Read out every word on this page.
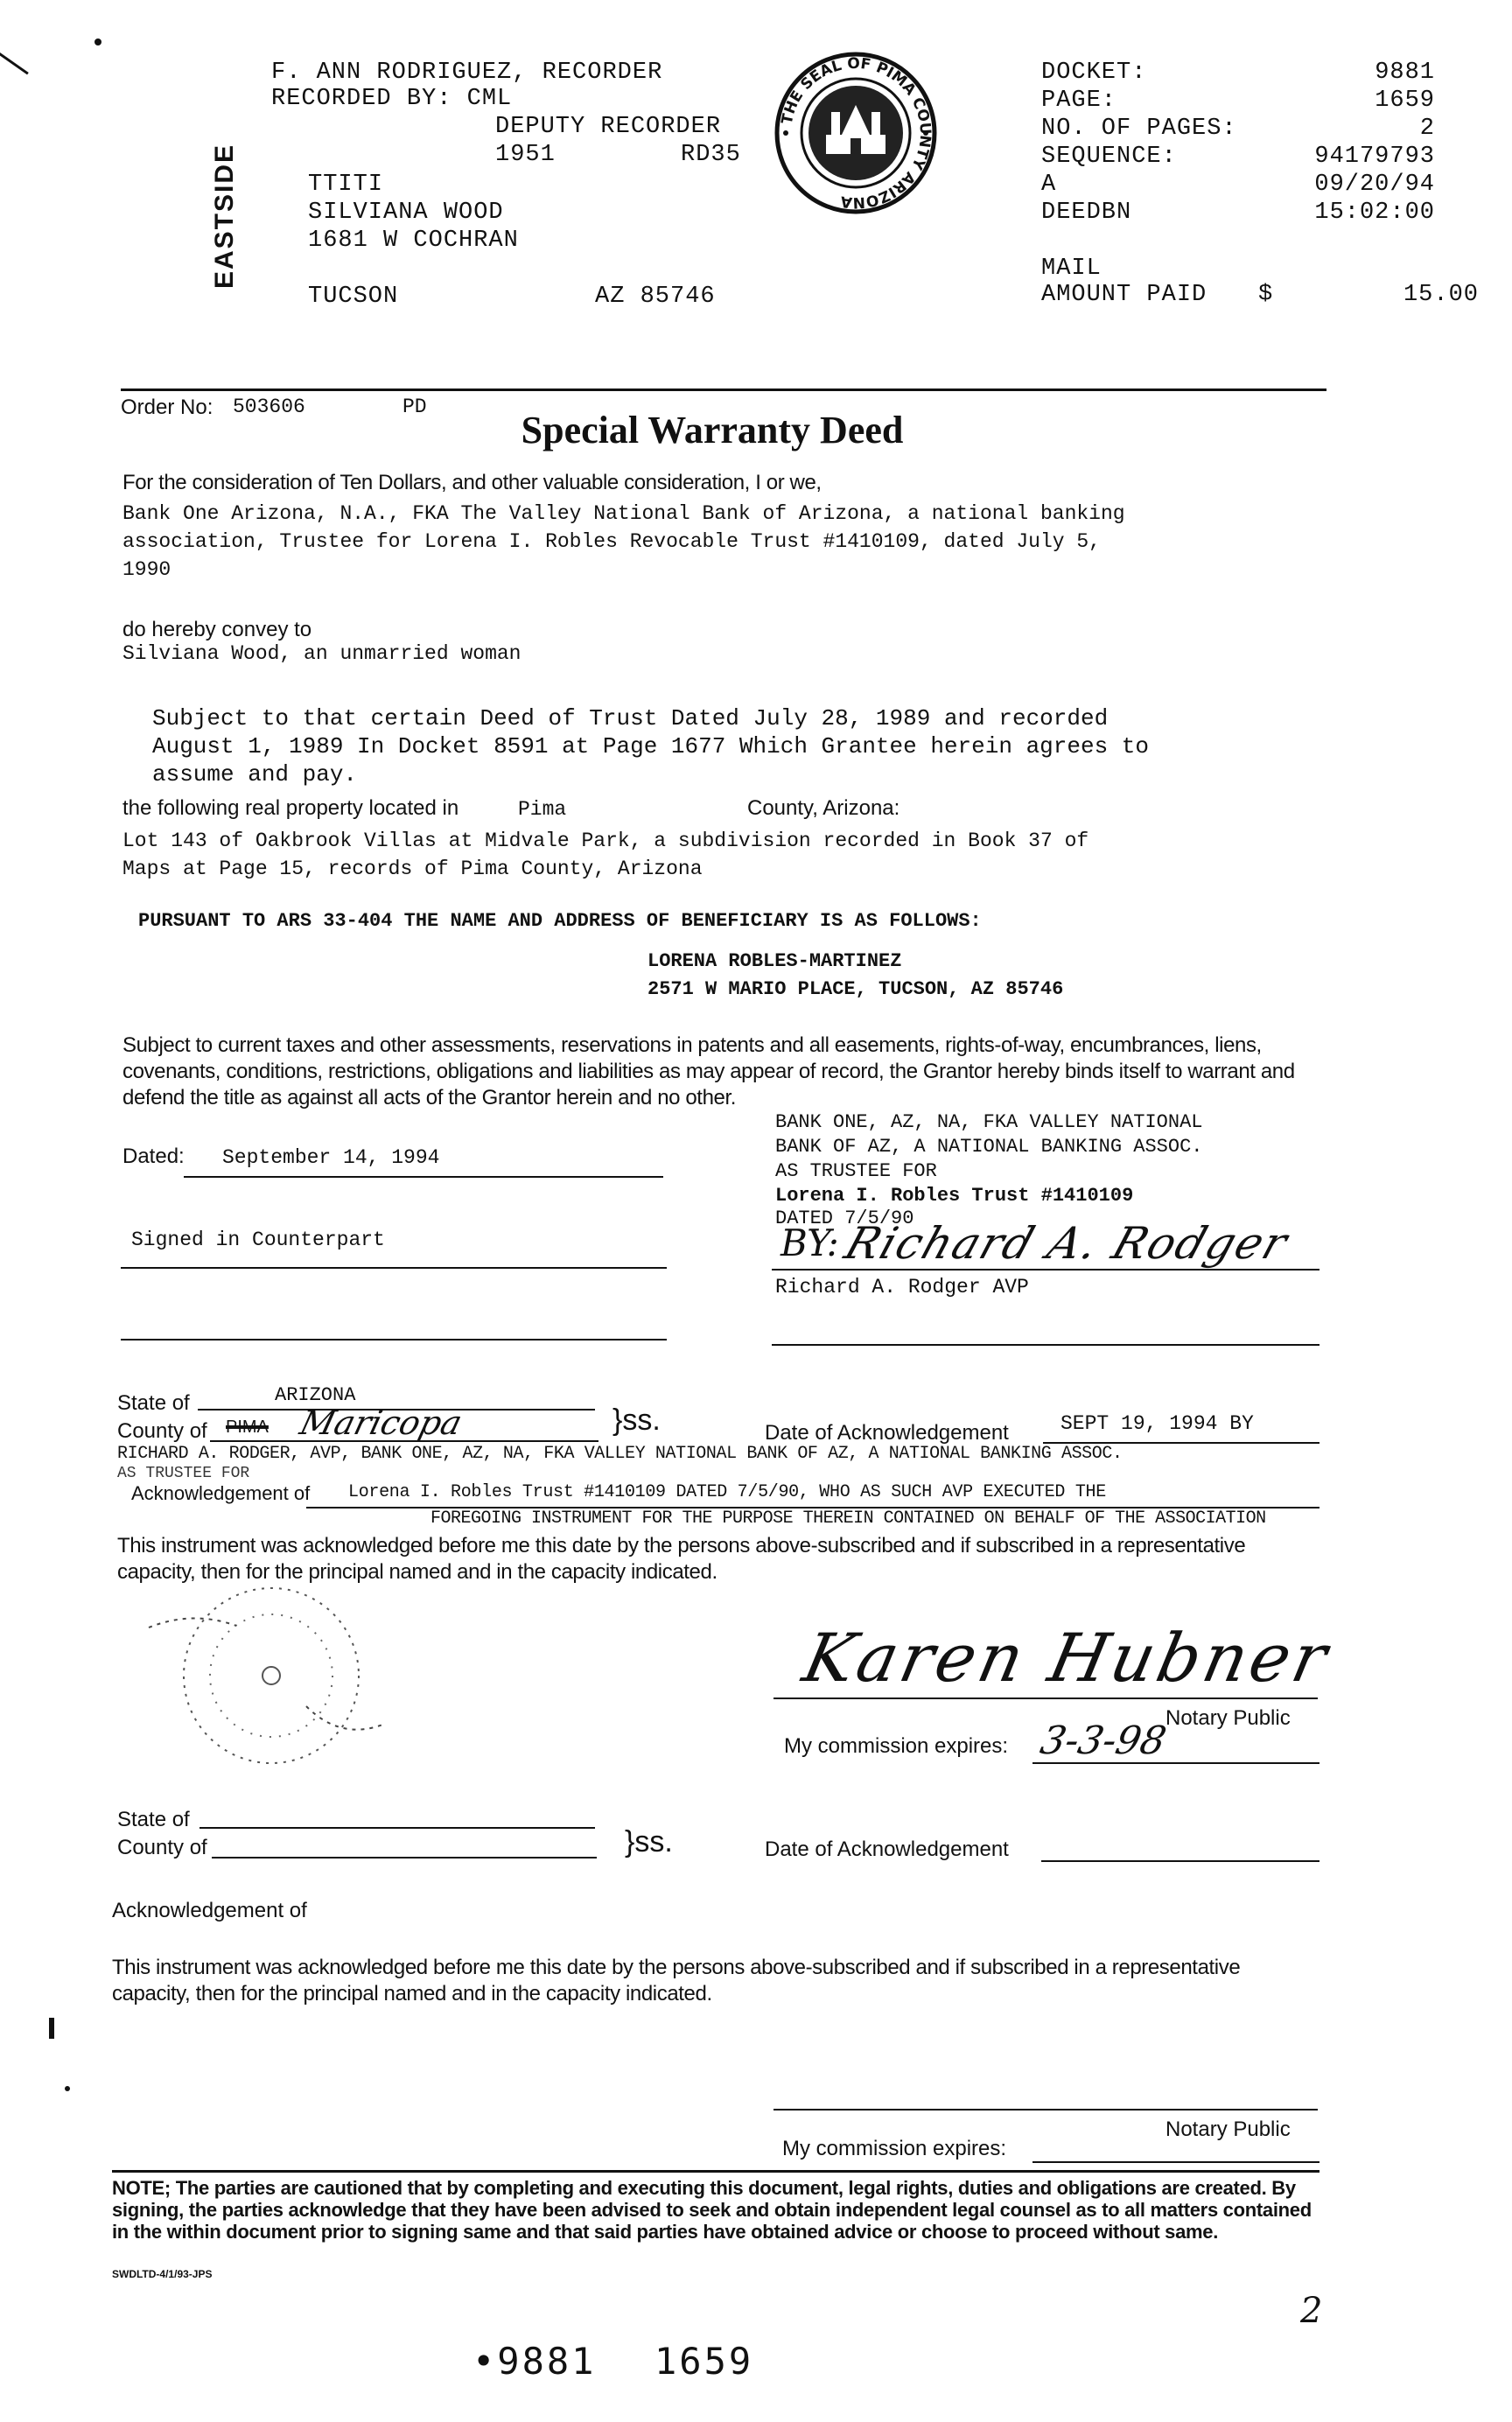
F. ANN RODRIGUEZ, RECORDER
RECORDED BY: CML
DEPUTY RECORDER
1951	RD35
EASTSIDE	TTITI
SILVIANA WOOD
1681 W COCHRAN
TUCSON	AZ 85746
THE SEAL OF PIMA COUNTY ARIZONA
DOCKET:	9881
PAGE:	1659
NO. OF PAGES:	2
SEQUENCE:	94179793
A	09/20/94
DEEDBN	15:02:00
MAIL
AMOUNT PAID $	15.00
Order No: 503606	PD
Special Warranty Deed
For the consideration of Ten Dollars, and other valuable consideration, I or we,
Bank One Arizona, N.A., FKA The Valley National Bank of Arizona, a national banking
association, Trustee for Lorena I. Robles Revocable Trust #1410109, dated July 5,
1990
do hereby convey to
Silviana Wood, an unmarried woman
Subject to that certain Deed of Trust Dated July 28, 1989 and recorded
August 1, 1989 In Docket 8591 at Page 1677 Which Grantee herein agrees to
assume and pay.
the following real property located in	Pima	County, Arizona:
Lot 143 of Oakbrook Villas at Midvale Park, a subdivision recorded in Book 37 of
Maps at Page 15, records of Pima County, Arizona
PURSUANT TO ARS 33-404 THE NAME AND ADDRESS OF BENEFICIARY IS AS FOLLOWS:
LORENA ROBLES-MARTINEZ
2571 W MARIO PLACE, TUCSON, AZ 85746
Subject to current taxes and other assessments, reservations in patents and all easements, rights-of-way, encumbrances, liens, covenants, conditions, restrictions, obligations and liabilities as may appear of record, the Grantor hereby binds itself to warrant and defend the title as against all acts of the Grantor herein and no other.
Dated: September 14, 1994
BANK ONE, AZ, NA, FKA VALLEY NATIONAL
BANK OF AZ, A NATIONAL BANKING ASSOC.
AS TRUSTEE FOR
Lorena I. Robles Trust #1410109
DATED 7/5/90
Signed in Counterpart	BY: Richard A. Rodger
Richard A. Rodger AVP
State of	ARIZONA
County of PIMA Maricopa	}ss.	Date of Acknowledgement	SEPT 19, 1994 BY
RICHARD A. RODGER, AVP, BANK ONE, AZ, NA, FKA VALLEY NATIONAL BANK OF AZ, A NATIONAL BANKING ASSOC.
AS TRUSTEE FOR
Acknowledgement of Lorena I. Robles Trust #1410109 DATED 7/5/90, WHO AS SUCH AVP EXECUTED THE
FOREGOING INSTRUMENT FOR THE PURPOSE THEREIN CONTAINED ON BEHALF OF THE ASSOCIATION
This instrument was acknowledged before me this date by the persons above-subscribed and if subscribed in a representative capacity, then for the principal named and in the capacity indicated.
Karen Hubner
Notary Public
My commission expires: 3-3-98
State of
County of	}ss.	Date of Acknowledgement
Acknowledgement of
This instrument was acknowledged before me this date by the persons above-subscribed and if subscribed in a representative capacity, then for the principal named and in the capacity indicated.
Notary Public
My commission expires:
NOTE; The parties are cautioned that by completing and executing this document, legal rights, duties and obligations are created. By signing, the parties acknowledge that they have been advised to seek and obtain independent legal counsel as to all matters contained in the within document prior to signing same and that said parties have obtained advice or choose to proceed without same.
SWDLTD-4/1/93-JPS
•9881 1659
2
